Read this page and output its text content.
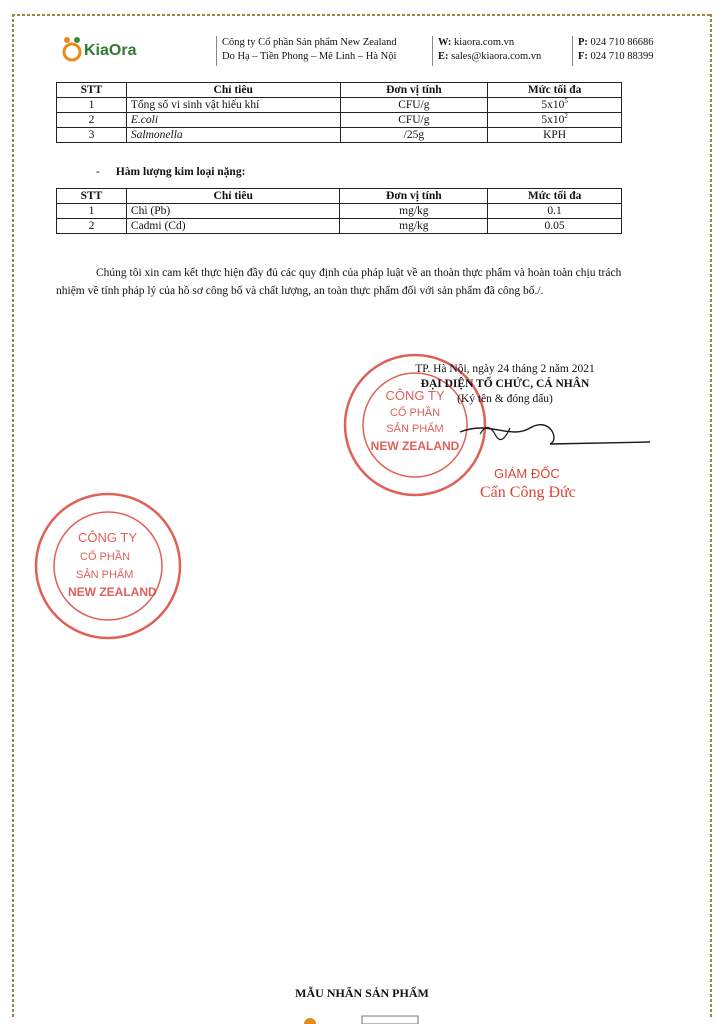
KiaOra	Công ty Cổ phần Sản phẩm New Zealand
Do Hạ – Tiền Phong – Mê Linh – Hà Nội
W: kiaora.com.vn
E: sales@kiaora.com.vn
P: 024 710 86686
F: 024 710 88399
STT	Chỉ tiêu	Đơn vị tính	Mức tối đa
1	Tổng số vi sinh vật hiếu khí	CFU/g	$5x10^5$
2	E.coli	CFU/g	$5x10^2$
3	Salmonella	/25g	KPH
- Hàm lượng kim loại nặng:
STT	Chỉ tiêu	Đơn vị tính	Mức tối đa
1	Chì (Pb)	mg/kg	0.1
2	Cadmi (Cd)	mg/kg	0.05
Chúng tôi xin cam kết thực hiện đầy đủ các quy định của pháp luật về an thoàn thực phẩm và hoàn toàn chịu trách nhiệm về tính pháp lý của hồ sơ công bố và chất lượng, an toàn thực phẩm đối với sản phẩm đã công bố./.
CÔNG TY
CỔ PHẦN
SẢN PHẨM
NEW ZEALAND
TP. Hà Nội, ngày 24 tháng 2 năm 2021
ĐẠI DIỆN TỔ CHỨC, CÁ NHÂN
(Ký tên & đóng dấu)
GIÁM ĐỐC
Cấn Công Đức
CÔNG TY
CỔ PHẦN
SẢN PHẨM
NEW ZEALAND
MẪU NHÃN SẢN PHẨM
